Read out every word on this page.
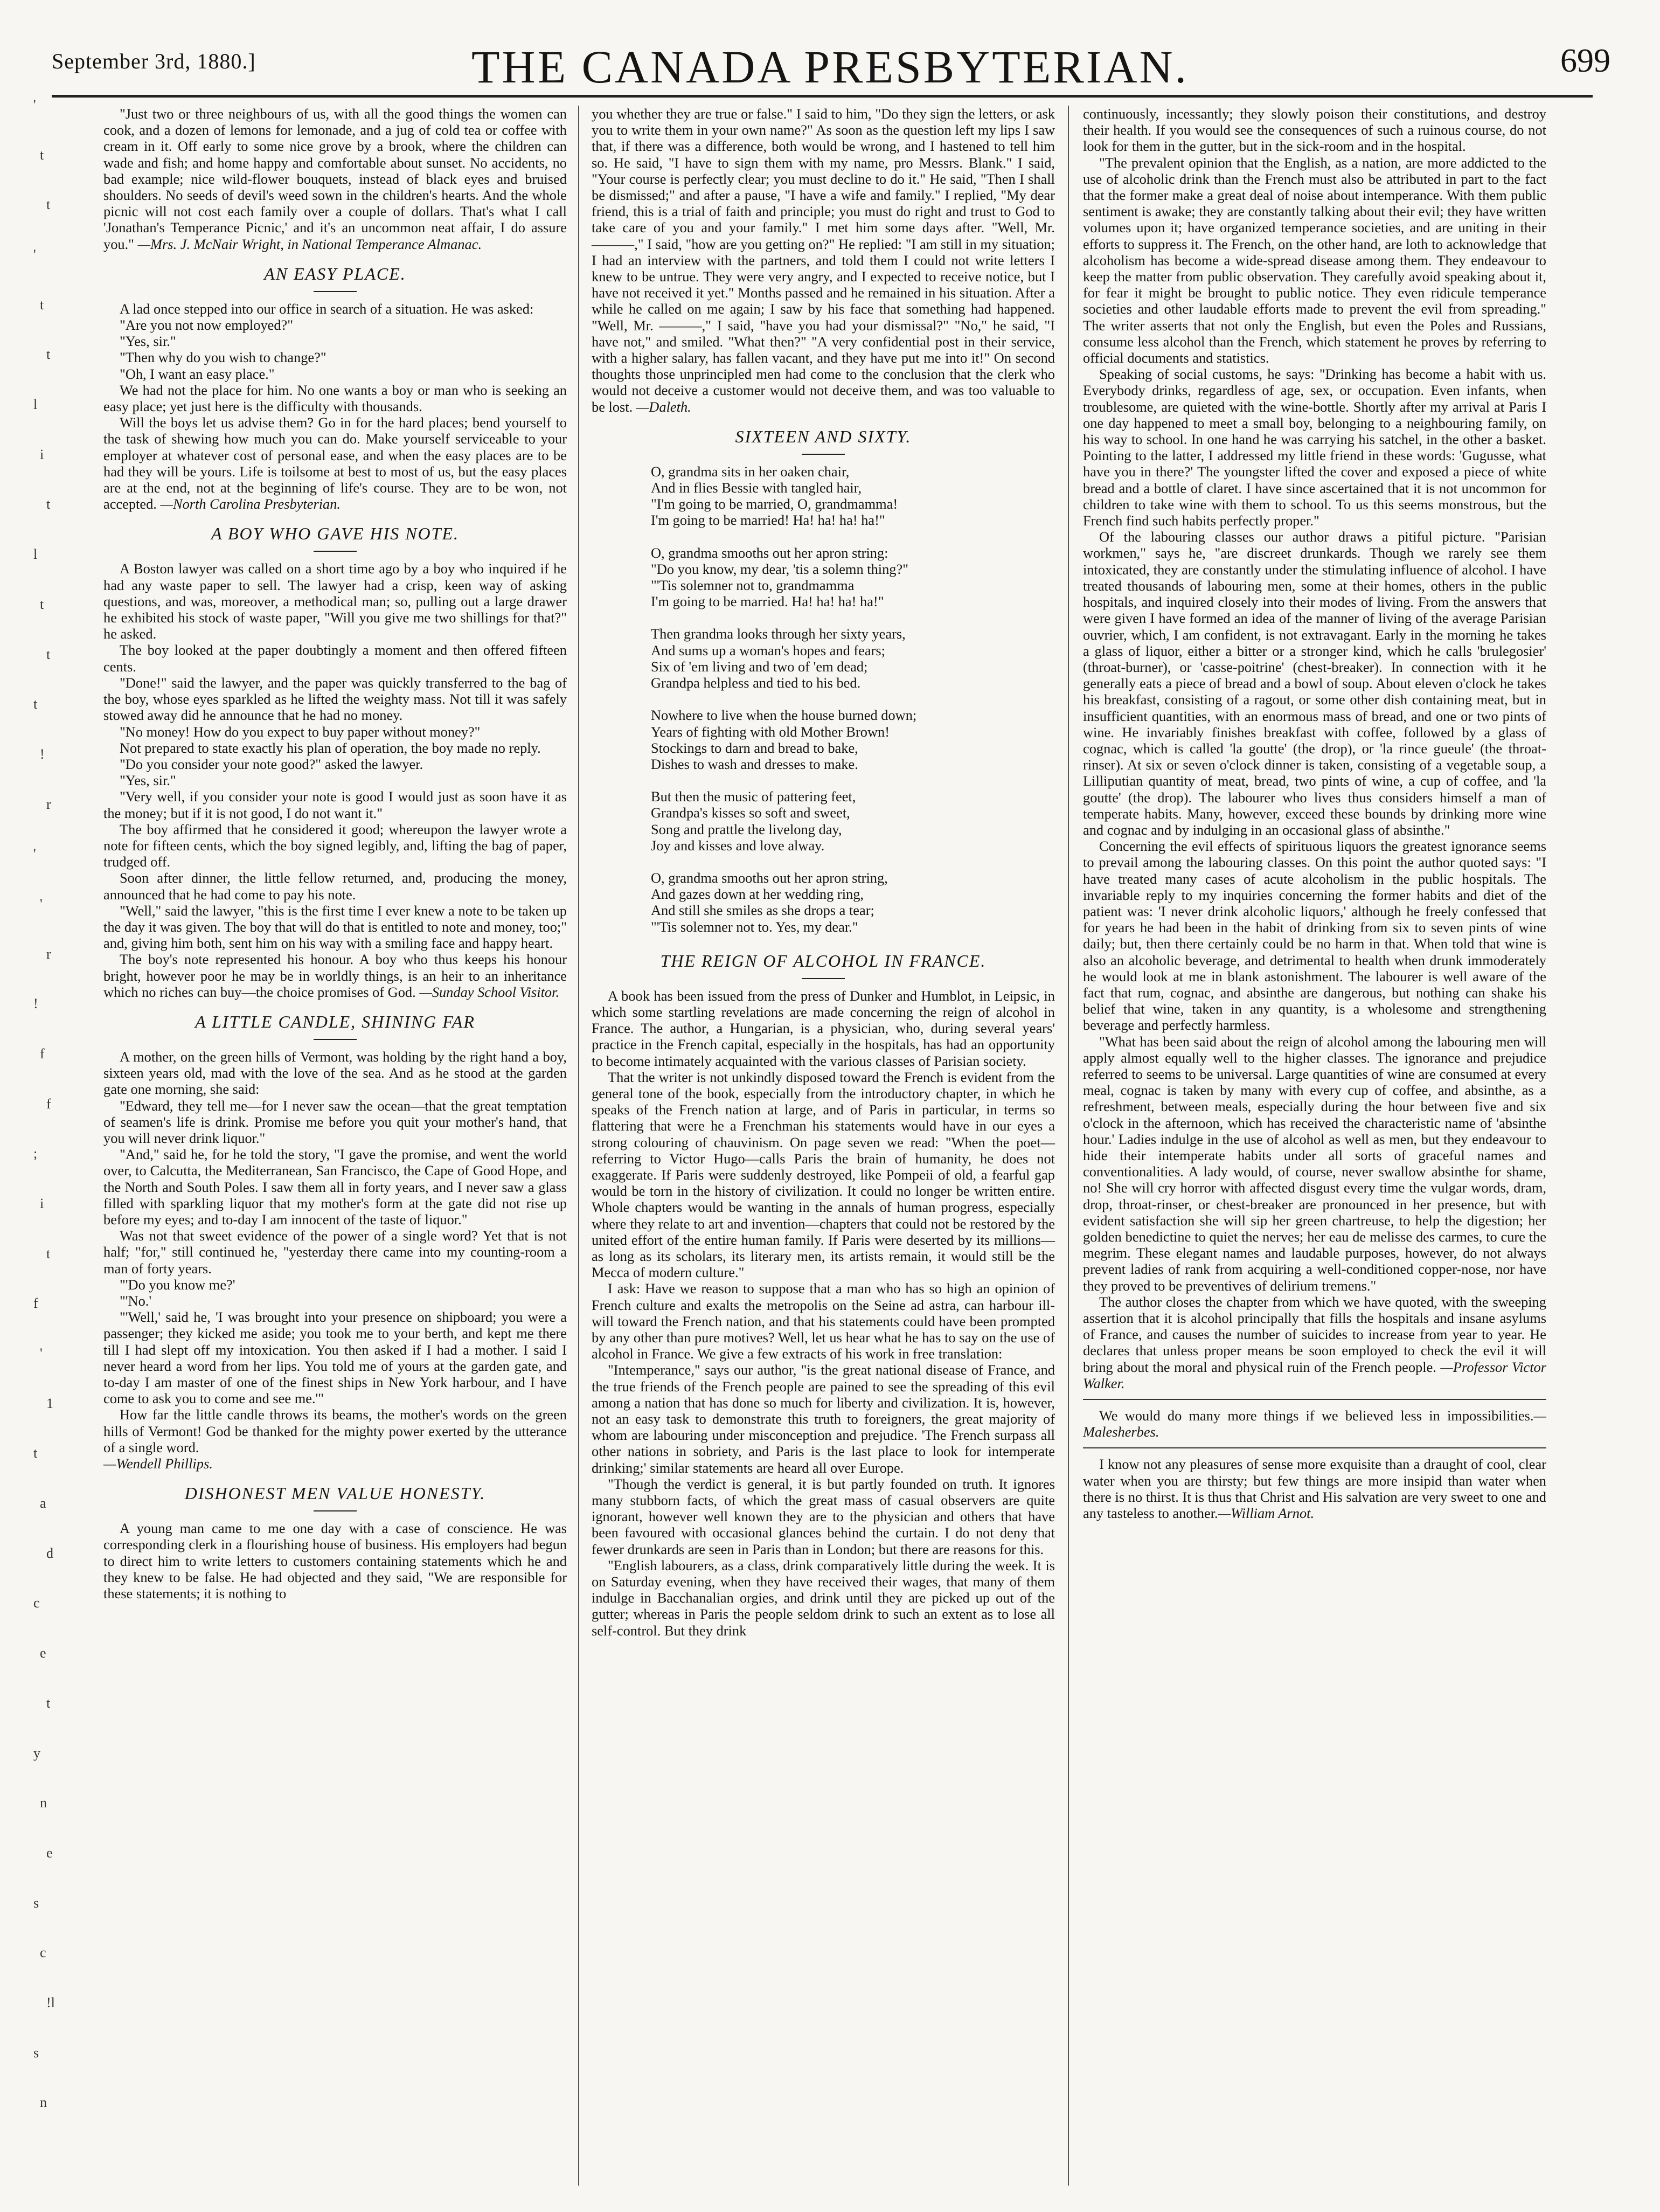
September 3rd, 1880.]	THE CANADA PRESBYTERIAN.	699
'
t
t
'
t
t
l
i
t
l
t
t
t
!
r
'
'
r
!
f
f
;
i
t
f
'
1
t
a
d
c
e
t
y
n
e
s
c
!l
s
n

"Just two or three neighbours of us, with all the good things the women can cook, and a dozen of lemons for lemonade, and a jug of cold tea or coffee with cream in it. Off early to some nice grove by a brook, where the children can wade and fish; and home happy and comfortable about sunset. No accidents, no bad example; nice wild-flower bouquets, instead of black eyes and bruised shoulders. No seeds of devil's weed sown in the children's hearts. And the whole picnic will not cost each family over a couple of dollars. That's what I call 'Jonathan's Temperance Picnic,' and it's an uncommon neat affair, I do assure you." —Mrs. J. McNair Wright, in National Temperance Almanac.

AN EASY PLACE.

A lad once stepped into our office in search of a situation. He was asked:

"Are you not now employed?"

"Yes, sir."

"Then why do you wish to change?"

"Oh, I want an easy place."

We had not the place for him. No one wants a boy or man who is seeking an easy place; yet just here is the difficulty with thousands.

Will the boys let us advise them? Go in for the hard places; bend yourself to the task of shewing how much you can do. Make yourself serviceable to your employer at whatever cost of personal ease, and when the easy places are to be had they will be yours. Life is toilsome at best to most of us, but the easy places are at the end, not at the beginning of life's course. They are to be won, not accepted. —North Carolina Presbyterian.

A BOY WHO GAVE HIS NOTE.

A Boston lawyer was called on a short time ago by a boy who inquired if he had any waste paper to sell. The lawyer had a crisp, keen way of asking questions, and was, moreover, a methodical man; so, pulling out a large drawer he exhibited his stock of waste paper, "Will you give me two shillings for that?" he asked.

The boy looked at the paper doubtingly a moment and then offered fifteen cents.

"Done!" said the lawyer, and the paper was quickly transferred to the bag of the boy, whose eyes sparkled as he lifted the weighty mass. Not till it was safely stowed away did he announce that he had no money.

"No money! How do you expect to buy paper without money?"

Not prepared to state exactly his plan of operation, the boy made no reply.

"Do you consider your note good?" asked the lawyer.

"Yes, sir."

"Very well, if you consider your note is good I would just as soon have it as the money; but if it is not good, I do not want it."

The boy affirmed that he considered it good; whereupon the lawyer wrote a note for fifteen cents, which the boy signed legibly, and, lifting the bag of paper, trudged off.

Soon after dinner, the little fellow returned, and, producing the money, announced that he had come to pay his note.

"Well," said the lawyer, "this is the first time I ever knew a note to be taken up the day it was given. The boy that will do that is entitled to note and money, too;" and, giving him both, sent him on his way with a smiling face and happy heart.

The boy's note represented his honour. A boy who thus keeps his honour bright, however poor he may be in worldly things, is an heir to an inheritance which no riches can buy—the choice promises of God. —Sunday School Visitor.

A LITTLE CANDLE, SHINING FAR

A mother, on the green hills of Vermont, was holding by the right hand a boy, sixteen years old, mad with the love of the sea. And as he stood at the garden gate one morning, she said:

"Edward, they tell me—for I never saw the ocean—that the great temptation of seamen's life is drink. Promise me before you quit your mother's hand, that you will never drink liquor."

"And," said he, for he told the story, "I gave the promise, and went the world over, to Calcutta, the Mediterranean, San Francisco, the Cape of Good Hope, and the North and South Poles. I saw them all in forty years, and I never saw a glass filled with sparkling liquor that my mother's form at the gate did not rise up before my eyes; and to-day I am innocent of the taste of liquor."

Was not that sweet evidence of the power of a single word? Yet that is not half; "for," still continued he, "yesterday there came into my counting-room a man of forty years.

"'Do you know me?'

"'No.'

"'Well,' said he, 'I was brought into your presence on shipboard; you were a passenger; they kicked me aside; you took me to your berth, and kept me there till I had slept off my intoxication. You then asked if I had a mother. I said I never heard a word from her lips. You told me of yours at the garden gate, and to-day I am master of one of the finest ships in New York harbour, and I have come to ask you to come and see me.'"

How far the little candle throws its beams, the mother's words on the green hills of Vermont! God be thanked for the mighty power exerted by the utterance of a single word.

—Wendell Phillips.

DISHONEST MEN VALUE HONESTY.

A young man came to me one day with a case of conscience. He was corresponding clerk in a flourishing house of business. His employers had begun to direct him to write letters to customers containing statements which he and they knew to be false. He had objected and they said, "We are responsible for these statements; it is nothing to

you whether they are true or false." I said to him, "Do they sign the letters, or ask you to write them in your own name?" As soon as the question left my lips I saw that, if there was a difference, both would be wrong, and I hastened to tell him so. He said, "I have to sign them with my name, pro Messrs. Blank." I said, "Your course is perfectly clear; you must decline to do it." He said, "Then I shall be dismissed;" and after a pause, "I have a wife and family." I replied, "My dear friend, this is a trial of faith and principle; you must do right and trust to God to take care of you and your family." I met him some days after. "Well, Mr. ———," I said, "how are you getting on?" He replied: "I am still in my situation; I had an interview with the partners, and told them I could not write letters I knew to be untrue. They were very angry, and I expected to receive notice, but I have not received it yet." Months passed and he remained in his situation. After a while he called on me again; I saw by his face that something had happened. "Well, Mr. ———," I said, "have you had your dismissal?" "No," he said, "I have not," and smiled. "What then?" "A very confidential post in their service, with a higher salary, has fallen vacant, and they have put me into it!" On second thoughts those unprincipled men had come to the conclusion that the clerk who would not deceive a customer would not deceive them, and was too valuable to be lost. —Daleth.

SIXTEEN AND SIXTY.
O, grandma sits in her oaken chair,
And in flies Bessie with tangled hair,
"I'm going to be married, O, grandmamma!
I'm going to be married! Ha! ha! ha! ha!"
O, grandma smooths out her apron string:
"Do you know, my dear, 'tis a solemn thing?"
"'Tis solemner not to, grandmamma
I'm going to be married. Ha! ha! ha! ha!"
Then grandma looks through her sixty years,
And sums up a woman's hopes and fears;
Six of 'em living and two of 'em dead;
Grandpa helpless and tied to his bed.
Nowhere to live when the house burned down;
Years of fighting with old Mother Brown!
Stockings to darn and bread to bake,
Dishes to wash and dresses to make.
But then the music of pattering feet,
Grandpa's kisses so soft and sweet,
Song and prattle the livelong day,
Joy and kisses and love alway.
O, grandma smooths out her apron string,
And gazes down at her wedding ring,
And still she smiles as she drops a tear;
"'Tis solemner not to. Yes, my dear."
THE REIGN OF ALCOHOL IN FRANCE.

A book has been issued from the press of Dunker and Humblot, in Leipsic, in which some startling revelations are made concerning the reign of alcohol in France. The author, a Hungarian, is a physician, who, during several years' practice in the French capital, especially in the hospitals, has had an opportunity to become intimately acquainted with the various classes of Parisian society.

That the writer is not unkindly disposed toward the French is evident from the general tone of the book, especially from the introductory chapter, in which he speaks of the French nation at large, and of Paris in particular, in terms so flattering that were he a Frenchman his statements would have in our eyes a strong colouring of chauvinism. On page seven we read: "When the poet—referring to Victor Hugo—calls Paris the brain of humanity, he does not exaggerate. If Paris were suddenly destroyed, like Pompeii of old, a fearful gap would be torn in the history of civilization. It could no longer be written entire. Whole chapters would be wanting in the annals of human progress, especially where they relate to art and invention—chapters that could not be restored by the united effort of the entire human family. If Paris were deserted by its millions—as long as its scholars, its literary men, its artists remain, it would still be the Mecca of modern culture."

I ask: Have we reason to suppose that a man who has so high an opinion of French culture and exalts the metropolis on the Seine ad astra, can harbour ill-will toward the French nation, and that his statements could have been prompted by any other than pure motives? Well, let us hear what he has to say on the use of alcohol in France. We give a few extracts of his work in free translation:

"Intemperance," says our author, "is the great national disease of France, and the true friends of the French people are pained to see the spreading of this evil among a nation that has done so much for liberty and civilization. It is, however, not an easy task to demonstrate this truth to foreigners, the great majority of whom are labouring under misconception and prejudice. 'The French surpass all other nations in sobriety, and Paris is the last place to look for intemperate drinking;' similar statements are heard all over Europe.

"Though the verdict is general, it is but partly founded on truth. It ignores many stubborn facts, of which the great mass of casual observers are quite ignorant, however well known they are to the physician and others that have been favoured with occasional glances behind the curtain. I do not deny that fewer drunkards are seen in Paris than in London; but there are reasons for this.

"English labourers, as a class, drink comparatively little during the week. It is on Saturday evening, when they have received their wages, that many of them indulge in Bacchanalian orgies, and drink until they are picked up out of the gutter; whereas in Paris the people seldom drink to such an extent as to lose all self-control. But they drink

continuously, incessantly; they slowly poison their constitutions, and destroy their health. If you would see the consequences of such a ruinous course, do not look for them in the gutter, but in the sick-room and in the hospital.

"The prevalent opinion that the English, as a nation, are more addicted to the use of alcoholic drink than the French must also be attributed in part to the fact that the former make a great deal of noise about intemperance. With them public sentiment is awake; they are constantly talking about their evil; they have written volumes upon it; have organized temperance societies, and are uniting in their efforts to suppress it. The French, on the other hand, are loth to acknowledge that alcoholism has become a wide-spread disease among them. They endeavour to keep the matter from public observation. They carefully avoid speaking about it, for fear it might be brought to public notice. They even ridicule temperance societies and other laudable efforts made to prevent the evil from spreading." The writer asserts that not only the English, but even the Poles and Russians, consume less alcohol than the French, which statement he proves by referring to official documents and statistics.

Speaking of social customs, he says: "Drinking has become a habit with us. Everybody drinks, regardless of age, sex, or occupation. Even infants, when troublesome, are quieted with the wine-bottle. Shortly after my arrival at Paris I one day happened to meet a small boy, belonging to a neighbouring family, on his way to school. In one hand he was carrying his satchel, in the other a basket. Pointing to the latter, I addressed my little friend in these words: 'Gugusse, what have you in there?' The youngster lifted the cover and exposed a piece of white bread and a bottle of claret. I have since ascertained that it is not uncommon for children to take wine with them to school. To us this seems monstrous, but the French find such habits perfectly proper."

Of the labouring classes our author draws a pitiful picture. "Parisian workmen," says he, "are discreet drunkards. Though we rarely see them intoxicated, they are constantly under the stimulating influence of alcohol. I have treated thousands of labouring men, some at their homes, others in the public hospitals, and inquired closely into their modes of living. From the answers that were given I have formed an idea of the manner of living of the average Parisian ouvrier, which, I am confident, is not extravagant. Early in the morning he takes a glass of liquor, either a bitter or a stronger kind, which he calls 'brulegosier' (throat-burner), or 'casse-poitrine' (chest-breaker). In connection with it he generally eats a piece of bread and a bowl of soup. About eleven o'clock he takes his breakfast, consisting of a ragout, or some other dish containing meat, but in insufficient quantities, with an enormous mass of bread, and one or two pints of wine. He invariably finishes breakfast with coffee, followed by a glass of cognac, which is called 'la goutte' (the drop), or 'la rince gueule' (the throat-rinser). At six or seven o'clock dinner is taken, consisting of a vegetable soup, a Lilliputian quantity of meat, bread, two pints of wine, a cup of coffee, and 'la goutte' (the drop). The labourer who lives thus considers himself a man of temperate habits. Many, however, exceed these bounds by drinking more wine and cognac and by indulging in an occasional glass of absinthe."

Concerning the evil effects of spirituous liquors the greatest ignorance seems to prevail among the labouring classes. On this point the author quoted says: "I have treated many cases of acute alcoholism in the public hospitals. The invariable reply to my inquiries concerning the former habits and diet of the patient was: 'I never drink alcoholic liquors,' although he freely confessed that for years he had been in the habit of drinking from six to seven pints of wine daily; but, then there certainly could be no harm in that. When told that wine is also an alcoholic beverage, and detrimental to health when drunk immoderately he would look at me in blank astonishment. The labourer is well aware of the fact that rum, cognac, and absinthe are dangerous, but nothing can shake his belief that wine, taken in any quantity, is a wholesome and strengthening beverage and perfectly harmless.

"What has been said about the reign of alcohol among the labouring men will apply almost equally well to the higher classes. The ignorance and prejudice referred to seems to be universal. Large quantities of wine are consumed at every meal, cognac is taken by many with every cup of coffee, and absinthe, as a refreshment, between meals, especially during the hour between five and six o'clock in the afternoon, which has received the characteristic name of 'absinthe hour.' Ladies indulge in the use of alcohol as well as men, but they endeavour to hide their intemperate habits under all sorts of graceful names and conventionalities. A lady would, of course, never swallow absinthe for shame, no! She will cry horror with affected disgust every time the vulgar words, dram, drop, throat-rinser, or chest-breaker are pronounced in her presence, but with evident satisfaction she will sip her green chartreuse, to help the digestion; her golden benedictine to quiet the nerves; her eau de melisse des carmes, to cure the megrim. These elegant names and laudable purposes, however, do not always prevent ladies of rank from acquiring a well-conditioned copper-nose, nor have they proved to be preventives of delirium tremens."

The author closes the chapter from which we have quoted, with the sweeping assertion that it is alcohol principally that fills the hospitals and insane asylums of France, and causes the number of suicides to increase from year to year. He declares that unless proper means be soon employed to check the evil it will bring about the moral and physical ruin of the French people. —Professor Victor Walker.

We would do many more things if we believed less in impossibilities.—Malesherbes.

I know not any pleasures of sense more exquisite than a draught of cool, clear water when you are thirsty; but few things are more insipid than water when there is no thirst. It is thus that Christ and His salvation are very sweet to one and any tasteless to another.—William Arnot.
